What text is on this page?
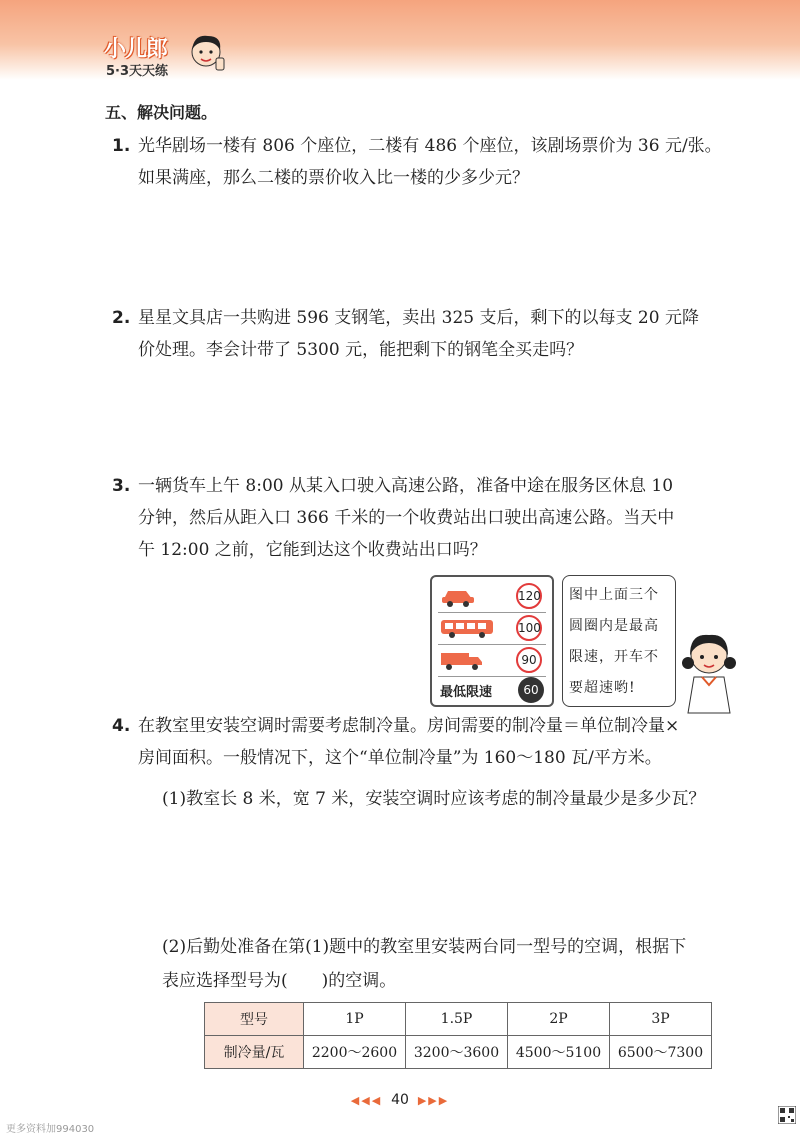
小儿郎
5·3天天练
五、解决问题。
1. 光华剧场一楼有 806 个座位，二楼有 486 个座位，该剧场票价为 36 元/张。
如果满座，那么二楼的票价收入比一楼的少多少元？
2. 星星文具店一共购进 596 支钢笔，卖出 325 支后，剩下的以每支 20 元降
价处理。李会计带了 5300 元，能把剩下的钢笔全买走吗？
3. 一辆货车上午 8:00 从某入口驶入高速公路，准备中途在服务区休息 10
分钟，然后从距入口 366 千米的一个收费站出口驶出高速公路。当天中
午 12:00 之前，它能到达这个收费站出口吗？
120
100
90
最低限速	60
图中上面三个
圆圈内是最高
限速，开车不
要超速哟!
4. 在教室里安装空调时需要考虑制冷量。房间需要的制冷量＝单位制冷量×
房间面积。一般情况下，这个“单位制冷量”为 160～180 瓦/平方米。
(1)教室长 8 米，宽 7 米，安装空调时应该考虑的制冷量最少是多少瓦？
(2)后勤处准备在第(1)题中的教室里安装两台同一型号的空调，根据下
表应选择型号为(　　)的空调。
型号	1P	1.5P	2P	3P
制冷量/瓦	2200～2600	3200～3600	4500～5100	6500～7300
◀◀◀ 40 ▶▶▶
更多资料加994030
